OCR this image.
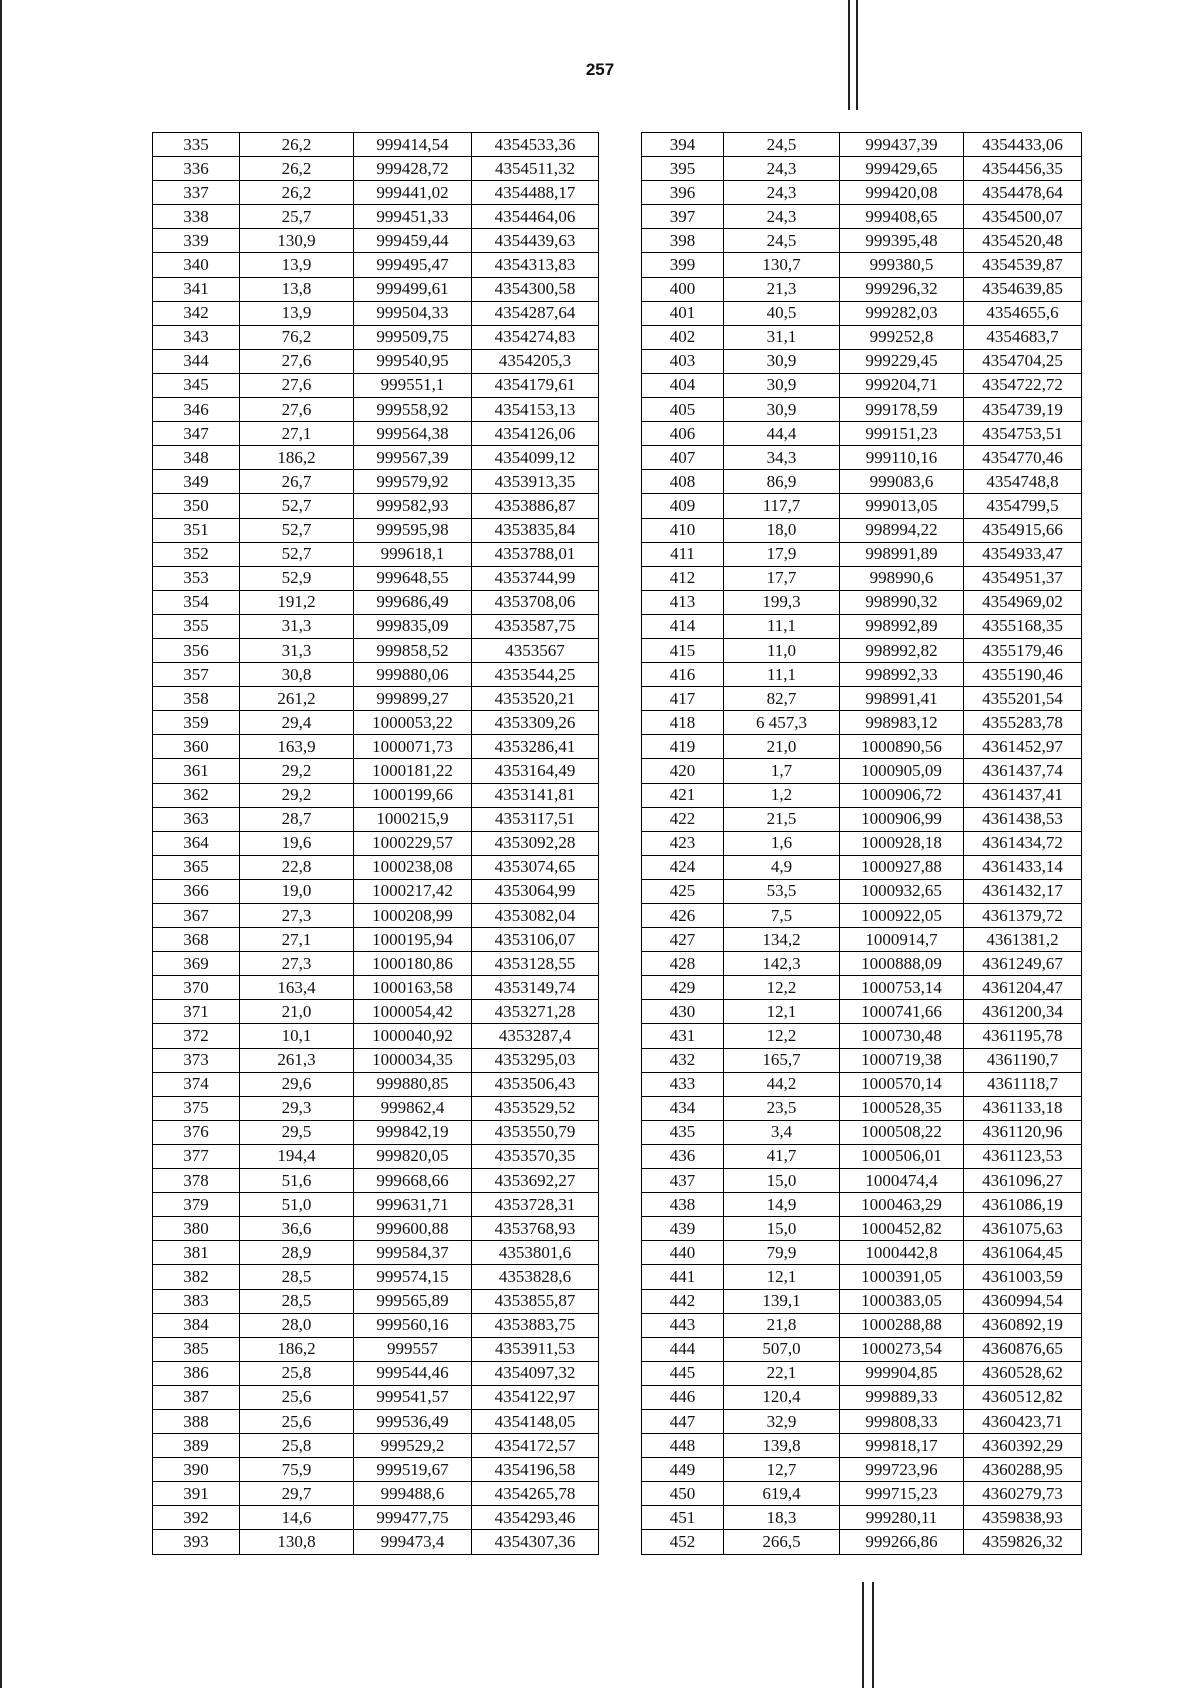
257
335	26,2	999414,54	4354533,36
336	26,2	999428,72	4354511,32
337	26,2	999441,02	4354488,17
338	25,7	999451,33	4354464,06
339	130,9	999459,44	4354439,63
340	13,9	999495,47	4354313,83
341	13,8	999499,61	4354300,58
342	13,9	999504,33	4354287,64
343	76,2	999509,75	4354274,83
344	27,6	999540,95	4354205,3
345	27,6	999551,1	4354179,61
346	27,6	999558,92	4354153,13
347	27,1	999564,38	4354126,06
348	186,2	999567,39	4354099,12
349	26,7	999579,92	4353913,35
350	52,7	999582,93	4353886,87
351	52,7	999595,98	4353835,84
352	52,7	999618,1	4353788,01
353	52,9	999648,55	4353744,99
354	191,2	999686,49	4353708,06
355	31,3	999835,09	4353587,75
356	31,3	999858,52	4353567
357	30,8	999880,06	4353544,25
358	261,2	999899,27	4353520,21
359	29,4	1000053,22	4353309,26
360	163,9	1000071,73	4353286,41
361	29,2	1000181,22	4353164,49
362	29,2	1000199,66	4353141,81
363	28,7	1000215,9	4353117,51
364	19,6	1000229,57	4353092,28
365	22,8	1000238,08	4353074,65
366	19,0	1000217,42	4353064,99
367	27,3	1000208,99	4353082,04
368	27,1	1000195,94	4353106,07
369	27,3	1000180,86	4353128,55
370	163,4	1000163,58	4353149,74
371	21,0	1000054,42	4353271,28
372	10,1	1000040,92	4353287,4
373	261,3	1000034,35	4353295,03
374	29,6	999880,85	4353506,43
375	29,3	999862,4	4353529,52
376	29,5	999842,19	4353550,79
377	194,4	999820,05	4353570,35
378	51,6	999668,66	4353692,27
379	51,0	999631,71	4353728,31
380	36,6	999600,88	4353768,93
381	28,9	999584,37	4353801,6
382	28,5	999574,15	4353828,6
383	28,5	999565,89	4353855,87
384	28,0	999560,16	4353883,75
385	186,2	999557	4353911,53
386	25,8	999544,46	4354097,32
387	25,6	999541,57	4354122,97
388	25,6	999536,49	4354148,05
389	25,8	999529,2	4354172,57
390	75,9	999519,67	4354196,58
391	29,7	999488,6	4354265,78
392	14,6	999477,75	4354293,46
393	130,8	999473,4	4354307,36
394	24,5	999437,39	4354433,06
395	24,3	999429,65	4354456,35
396	24,3	999420,08	4354478,64
397	24,3	999408,65	4354500,07
398	24,5	999395,48	4354520,48
399	130,7	999380,5	4354539,87
400	21,3	999296,32	4354639,85
401	40,5	999282,03	4354655,6
402	31,1	999252,8	4354683,7
403	30,9	999229,45	4354704,25
404	30,9	999204,71	4354722,72
405	30,9	999178,59	4354739,19
406	44,4	999151,23	4354753,51
407	34,3	999110,16	4354770,46
408	86,9	999083,6	4354748,8
409	117,7	999013,05	4354799,5
410	18,0	998994,22	4354915,66
411	17,9	998991,89	4354933,47
412	17,7	998990,6	4354951,37
413	199,3	998990,32	4354969,02
414	11,1	998992,89	4355168,35
415	11,0	998992,82	4355179,46
416	11,1	998992,33	4355190,46
417	82,7	998991,41	4355201,54
418	6 457,3	998983,12	4355283,78
419	21,0	1000890,56	4361452,97
420	1,7	1000905,09	4361437,74
421	1,2	1000906,72	4361437,41
422	21,5	1000906,99	4361438,53
423	1,6	1000928,18	4361434,72
424	4,9	1000927,88	4361433,14
425	53,5	1000932,65	4361432,17
426	7,5	1000922,05	4361379,72
427	134,2	1000914,7	4361381,2
428	142,3	1000888,09	4361249,67
429	12,2	1000753,14	4361204,47
430	12,1	1000741,66	4361200,34
431	12,2	1000730,48	4361195,78
432	165,7	1000719,38	4361190,7
433	44,2	1000570,14	4361118,7
434	23,5	1000528,35	4361133,18
435	3,4	1000508,22	4361120,96
436	41,7	1000506,01	4361123,53
437	15,0	1000474,4	4361096,27
438	14,9	1000463,29	4361086,19
439	15,0	1000452,82	4361075,63
440	79,9	1000442,8	4361064,45
441	12,1	1000391,05	4361003,59
442	139,1	1000383,05	4360994,54
443	21,8	1000288,88	4360892,19
444	507,0	1000273,54	4360876,65
445	22,1	999904,85	4360528,62
446	120,4	999889,33	4360512,82
447	32,9	999808,33	4360423,71
448	139,8	999818,17	4360392,29
449	12,7	999723,96	4360288,95
450	619,4	999715,23	4360279,73
451	18,3	999280,11	4359838,93
452	266,5	999266,86	4359826,32
